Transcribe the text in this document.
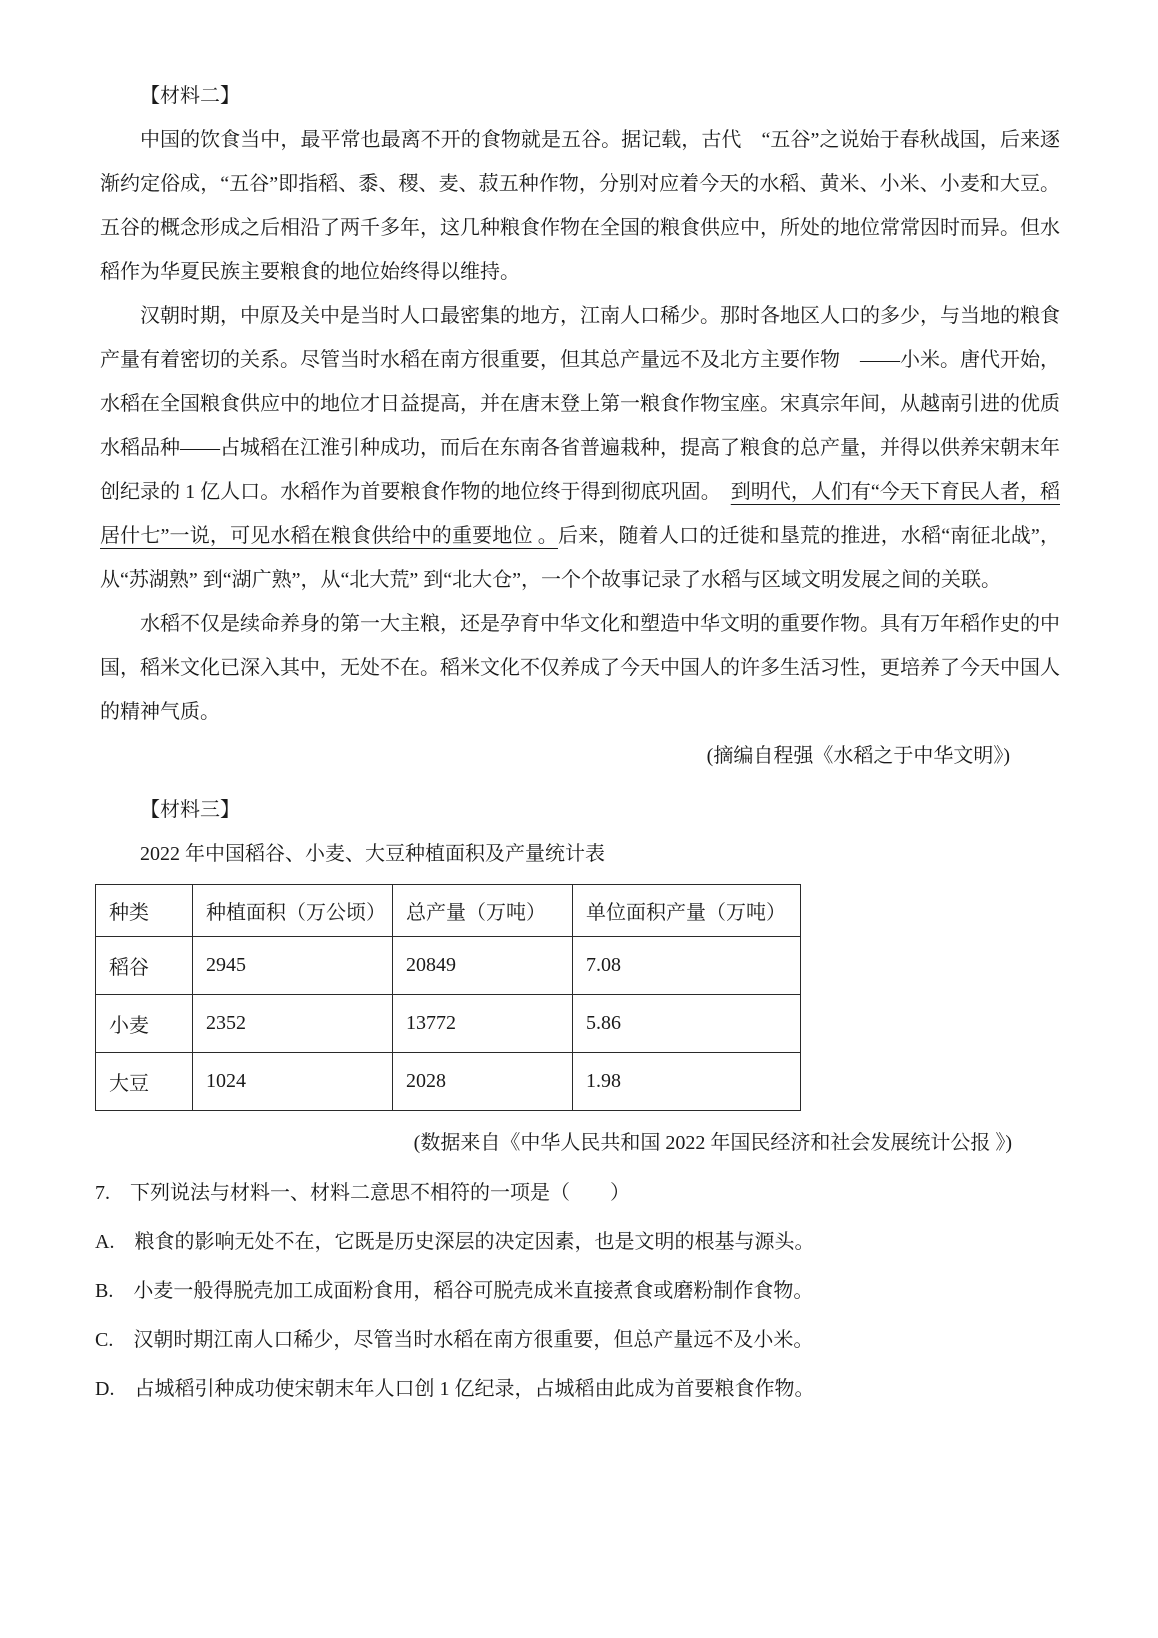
【材料二】

中国的饮食当中，最平常也最离不开的食物就是五谷。据记载，古代　“五谷”之说始于春秋战国，后来逐渐约定俗成，“五谷”即指稻、黍、稷、麦、菽五种作物，分别对应着今天的水稻、黄米、小米、小麦和大豆。五谷的概念形成之后相沿了两千多年，这几种粮食作物在全国的粮食供应中，所处的地位常常因时而异。但水稻作为华夏民族主要粮食的地位始终得以维持。

汉朝时期，中原及关中是当时人口最密集的地方，江南人口稀少。那时各地区人口的多少，与当地的粮食产量有着密切的关系。尽管当时水稻在南方很重要，但其总产量远不及北方主要作物　——小米。唐代开始，水稻在全国粮食供应中的地位才日益提高，并在唐末登上第一粮食作物宝座。宋真宗年间，从越南引进的优质水稻品种——占城稻在江淮引种成功，而后在东南各省普遍栽种，提高了粮食的总产量，并得以供养宋朝末年创纪录的 1 亿人口。水稻作为首要粮食作物的地位终于得到彻底巩固。　到明代，人们有“今天下育民人者，稻居什七”一说，可见水稻在粮食供给中的重要地位 。后来，随着人口的迁徙和垦荒的推进，水稻“南征北战”，从“苏湖熟” 到“湖广熟”，从“北大荒” 到“北大仓”，一个个故事记录了水稻与区域文明发展之间的关联。

水稻不仅是续命养身的第一大主粮，还是孕育中华文化和塑造中华文明的重要作物。具有万年稻作史的中国，稻米文化已深入其中，无处不在。稻米文化不仅养成了今天中国人的许多生活习性，更培养了今天中国人的精神气质。

(摘编自程强《水稻之于中华文明》)
【材料三】
2022 年中国稻谷、小麦、大豆种植面积及产量统计表
种类	种植面积（万公顷）	总产量（万吨）	单位面积产量（万吨）
稻谷	2945	20849	7.08
小麦	2352	13772	5.86
大豆	1024	2028	1.98
(数据来自《中华人民共和国 2022 年国民经济和社会发展统计公报 》)
7.　下列说法与材料一、材料二意思不相符的一项是（　　）
A.　粮食的影响无处不在，它既是历史深层的决定因素，也是文明的根基与源头。
B.　小麦一般得脱壳加工成面粉食用，稻谷可脱壳成米直接煮食或磨粉制作食物。
C.　汉朝时期江南人口稀少，尽管当时水稻在南方很重要，但总产量远不及小米。
D.　占城稻引种成功使宋朝末年人口创 1 亿纪录，占城稻由此成为首要粮食作物。
